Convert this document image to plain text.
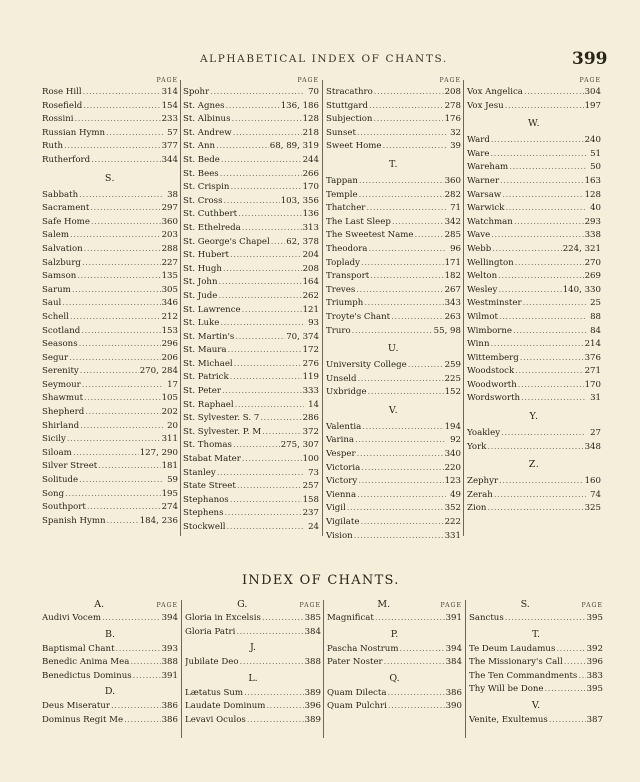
ALPHABETICAL INDEX OF CHANTS.	399
PAGE
Rose Hill .....	314
Rosefield .....	154
Rossini .....	233
Russian Hymn .....	57
Ruth .....	377
Rutherford .....	344
S.
Sabbath .....	38
Sacrament .....	297
Safe Home .....	360
Salem .....	203
Salvation .....	288
Salzburg .....	227
Samson .....	135
Sarum .....	305
Saul .....	346
Schell .....	212
Scotland .....	153
Seasons .....	296
Segur .....	206
Serenity .....	270, 284
Seymour .....	17
Shawmut .....	105
Shepherd .....	202
Shirland .....	20
Sicily .....	311
Siloam .....	127, 290
Silver Street .....	181
Solitude .....	59
Song .....	195
Southport .....	274
Spanish Hymn .....	184, 236
PAGE
Spohr .....	70
St. Agnes .....	136, 186
St. Albinus .....	128
St. Andrew .....	218
St. Ann .....	68, 89, 319
St. Bede .....	244
St. Bees .....	266
St. Crispin .....	170
St. Cross .....	103, 356
St. Cuthbert .....	136
St. Ethelreda .....	313
St. George's Chapel ..... 62, 378
St. Hubert .....	204
St. Hugh .....	208
St. John .....	164
St. Jude .....	262
St. Lawrence .....	121
St. Luke .....	93
St. Martin's .....	70, 374
St. Maura .....	172
St. Michael .....	276
St. Patrick .....	119
St. Peter .....	333
St. Raphael .....	14
St. Sylvester. S. 7 .....	286
St. Sylvester. P. M .....	372
St. Thomas .....	275, 307
Stabat Mater .....	100
Stanley .....	73
State Street .....	257
Stephanos .....	158
Stephens .....	237
Stockwell .....	24
PAGE
Stracathro .....	208
Stuttgard .....	278
Subjection .....	176
Sunset .....	32
Sweet Home .....	39
T.
Tappan .....	360
Temple .....	282
Thatcher .....	71
The Last Sleep .....	342
The Sweetest Name .....	285
Theodora .....	96
Toplady .....	171
Transport .....	182
Treves .....	267
Triumph .....	343
Troyte's Chant .....	263
Truro .....	55, 98
U.
University College .....	259
Unseld .....	225
Uxbridge .....	152
V.
Valentia .....	194
Varina .....	92
Vesper .....	340
Victoria .....	220
Victory .....	123
Vienna .....	49
Vigil .....	352
Vigilate .....	222
Vision .....	331
PAGE
Vox Angelica .....	304
Vox Jesu .....	197
W.
Ward .....	240
Ware .....	51
Wareham .....	50
Warner .....	163
Warsaw .....	128
Warwick .....	40
Watchman .....	293
Wave .....	338
Webb .....	224, 321
Wellington .....	270
Welton .....	269
Wesley .....	140, 330
Westminster .....	25
Wilmot .....	88
Wimborne .....	84
Winn .....	214
Wittemberg .....	376
Woodstock .....	271
Woodworth .....	170
Wordsworth .....	31
Y.
Yoakley .....	27
York .....	348
Z.
Zephyr .....	160
Zerah .....	74
Zion .....	325
INDEX OF CHANTS.
A.	PAGE
Audivi Vocem .....	394
B.
Baptismal Chant .....	393
Benedic Anima Mea .....	388
Benedictus Dominus .....	391
D.
Deus Miseratur .....	386
Dominus Regit Me .....	386
G.	PAGE
Gloria in Excelsis .....	385
Gloria Patri .....	384
J.
Jubilate Deo .....	388
L.
Lætatus Sum .....	389
Laudate Dominum .....	396
Levavi Oculos .....	389
M.	PAGE
Magnificat .....	391
P.
Pascha Nostrum .....	394
Pater Noster .....	384
Q.
Quam Dilecta .....	386
Quam Pulchri .....	390
S.	PAGE
Sanctus .....	395
T.
Te Deum Laudamus .....	392
The Missionary's Call .....	396
The Ten Commandments ..... 383
Thy Will be Done .....	395
V.
Venite, Exultemus .....	387
